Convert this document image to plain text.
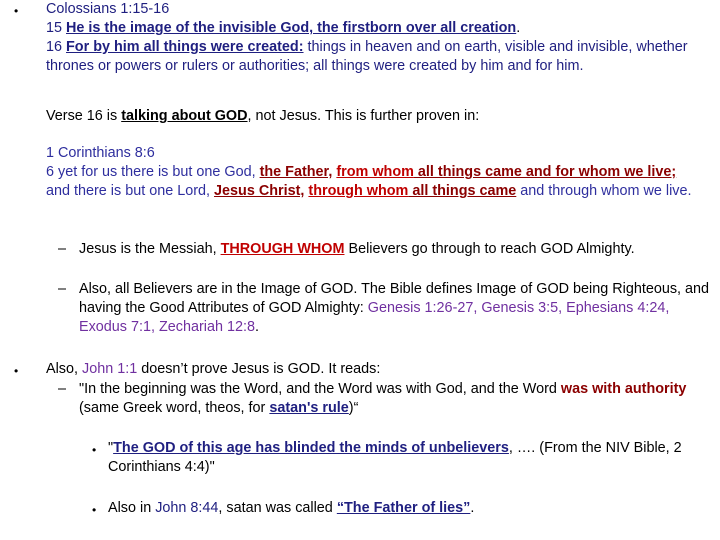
• Colossians 1:15-16

15 He is the image of the invisible God, the firstborn over all creation.

16 For by him all things were created: things in heaven and on earth, visible and invisible, whether thrones or powers or rulers or authorities; all things were created by him and for him.

Verse 16 is talking about GOD, not Jesus. This is further proven in:

1 Corinthians 8:6

6 yet for us there is but one God, the Father, from whom all things came and for whom we live; and there is but one Lord, Jesus Christ, through whom all things came and through whom we live.

– Jesus is the Messiah, THROUGH WHOM Believers go through to reach GOD Almighty.
– Also, all Believers are in the Image of GOD. The Bible defines Image of GOD being Righteous, and having the Good Attributes of GOD Almighty: Genesis 1:26-27, Genesis 3:5, Ephesians 4:24, Exodus 7:1, Zechariah 12:8.
• Also, John 1:1 doesn’t prove Jesus is GOD. It reads:
– "In the beginning was the Word, and the Word was with God, and the Word was with authority (same Greek word, theos, for satan's rule)“
• "The GOD of this age has blinded the minds of unbelievers, …. (From the NIV Bible, 2 Corinthians 4:4)"
• Also in John 8:44, satan was called “The Father of lies”.
